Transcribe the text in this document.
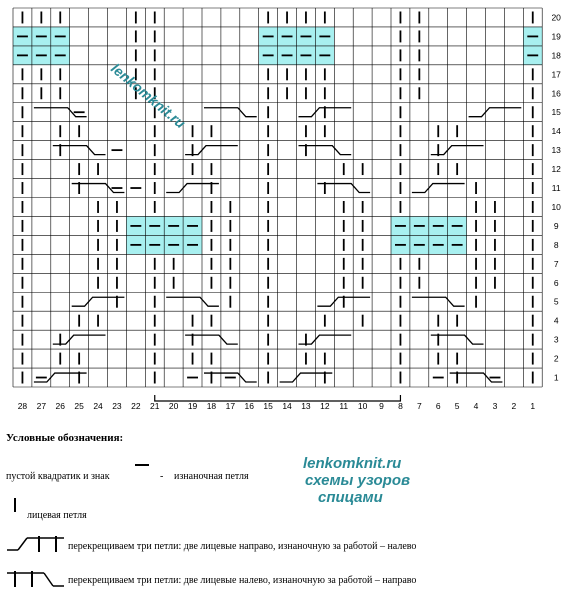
28 27 26 25 24 23 22 21 20 19 18 17 16 15 14 13 12 11 10 9 8 7 6 5 4 3 2 1
20
19
18
17
16
15
14
13
12
11
10
9
8
7
6
5
4
3
2
1
lenkomknit.ru
Условные обозначения:
пустой квадратик и знак	- изнаночная петля
лицевая петля
перекрещиваем три петли: две лицевые направо, изнаночную за работой – налево
перекрещиваем три петли: две лицевые налево, изнаночную за работой – направо
lenkomknit.ru
схемы узоров
спицами
